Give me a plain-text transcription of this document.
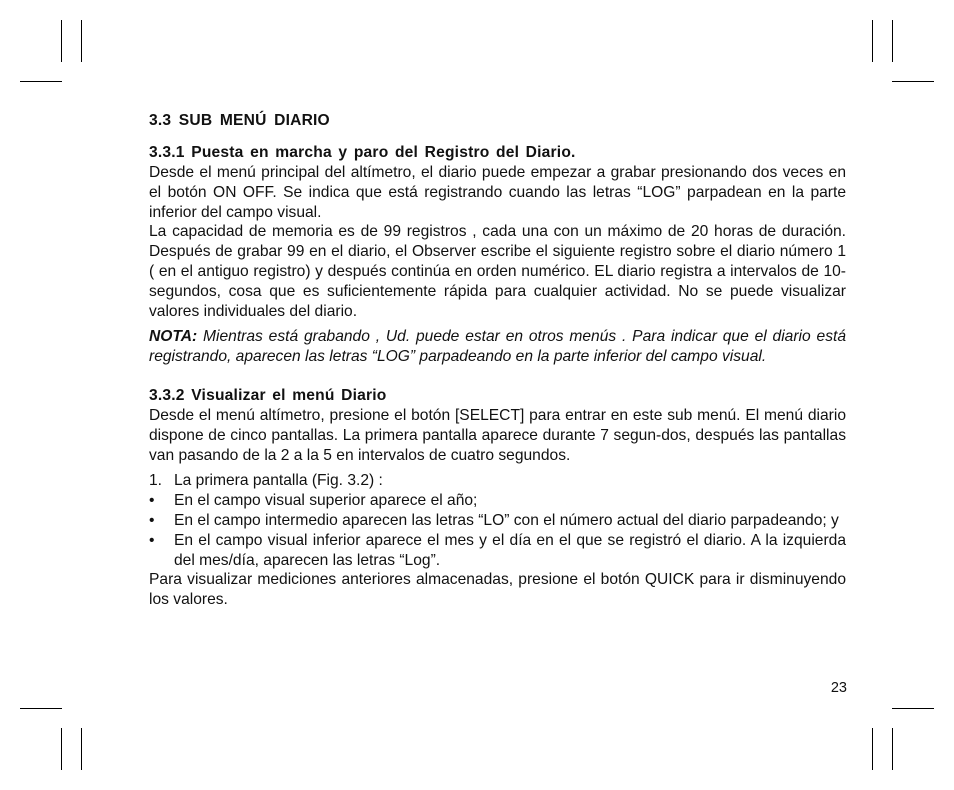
3.3 SUB MENÚ DIARIO
3.3.1 Puesta en marcha y paro del Registro del Diario.

Desde el menú principal del altímetro, el diario puede empezar a grabar presionando dos veces en el botón ON OFF. Se indica que está registrando cuando las letras “LOG” parpadean en la parte inferior del campo visual.

La capacidad de memoria es de 99 registros , cada una con un máximo de 20 horas de duración. Después de grabar 99 en el diario, el Observer escribe el siguiente registro sobre el diario número 1 ( en el antiguo registro) y después continúa en orden numérico. EL diario registra a intervalos de 10-segundos, cosa que es suficientemente rápida para cualquier actividad. No se puede visualizar valores individuales del diario.

NOTA: Mientras está grabando , Ud. puede estar en otros menús . Para indicar que el diario está registrando, aparecen las letras “LOG” parpadeando en la parte inferior del campo visual.

3.3.2 Visualizar el menú Diario

Desde el menú altímetro, presione el botón [SELECT] para entrar en este sub menú. El menú diario dispone de cinco pantallas. La primera pantalla aparece durante 7 segun-dos, después las pantallas van pasando de la 2 a la 5 en intervalos de cuatro segundos.

1. La primera pantalla (Fig. 3.2) :
• En el campo visual superior aparece el año;
• En el campo intermedio aparecen las letras “LO” con el número actual del diario parpadeando; y
• En el campo visual inferior aparece el mes y el día en el que se registró el diario. A la izquierda del mes/día, aparecen las letras “Log”.

Para visualizar mediciones anteriores almacenadas, presione el botón QUICK para ir disminuyendo los valores.

23
